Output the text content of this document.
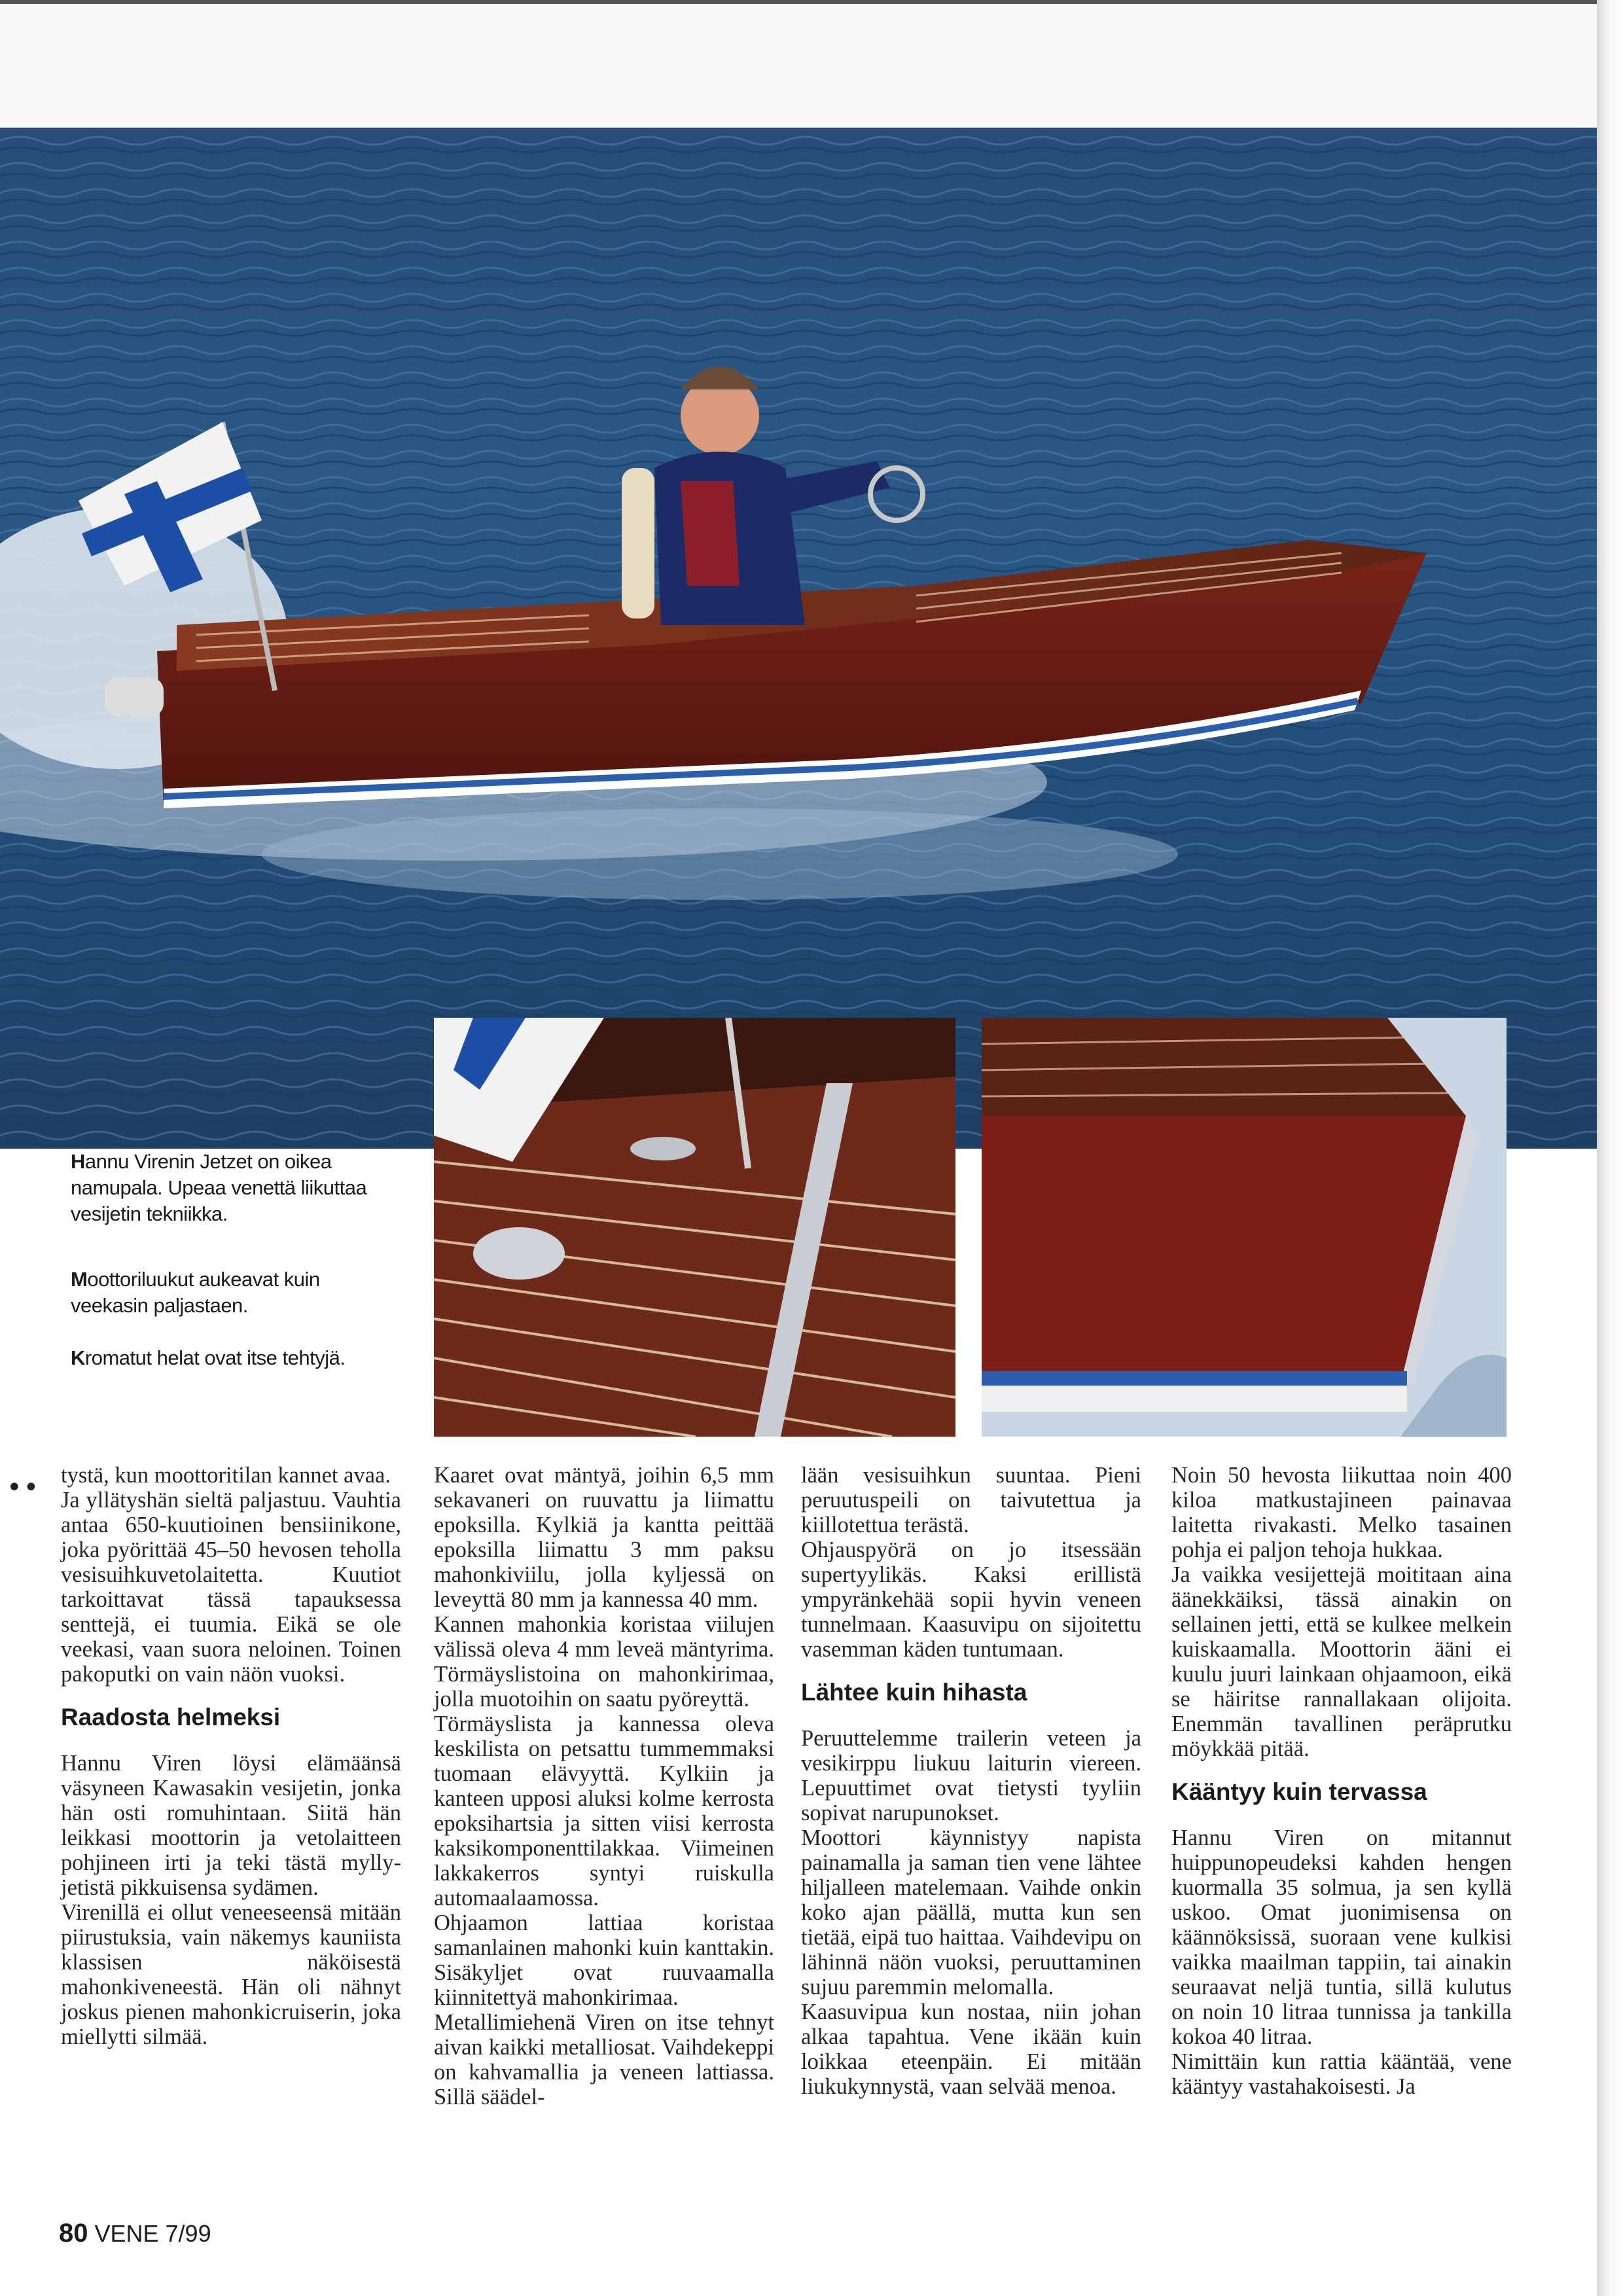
Hannu Virenin Jetzet on oikea namupala. Upeaa venettä liikuttaa vesijetin tekniikka.
Moottoriluukut aukeavat kuin veekasin paljastaen.
Kromatut helat ovat itse tehtyjä.
•• tystä, kun moottoritilan kannet avaa.

Ja yllätyshän sieltä paljastuu. Vauhtia antaa 650-kuutioinen bensiinikone, joka pyörittää 45–50 hevosen teholla vesisuihkuvetolaitetta. Kuutiot tarkoittavat tässä tapauksessa senttejä, ei tuumia. Eikä se ole veekasi, vaan suora neloinen. Toinen pakoputki on vain näön vuoksi.

Raadosta helmeksi

Hannu Viren löysi elämäänsä väsyneen Kawasakin vesijetin, jonka hän osti romuhintaan. Siitä hän leikkasi moottorin ja vetolaitteen pohjineen irti ja teki tästä mylly-jetistä pikkuisensa sydämen.

Virenillä ei ollut veneeseensä mitään piirustuksia, vain näkemys kauniista klassisen näköisestä mahonkiveneestä. Hän oli nähnyt joskus pienen mahonkicruiserin, joka miellytti silmää.

Kaaret ovat mäntyä, joihin 6,5 mm sekavaneri on ruuvattu ja liimattu epoksilla. Kylkiä ja kantta peittää epoksilla liimattu 3 mm paksu mahonkiviilu, jolla kyljessä on leveyttä 80 mm ja kannessa 40 mm.

Kannen mahonkia koristaa viilujen välissä oleva 4 mm leveä mäntyrima. Törmäyslistoina on mahonkirimaa, jolla muotoihin on saatu pyöreyttä.

Törmäyslista ja kannessa oleva keskilista on petsattu tummemmaksi tuomaan elävyyttä. Kylkiin ja kanteen upposi aluksi kolme kerrosta epoksihartsia ja sitten viisi kerrosta kaksikomponenttilakkaa. Viimeinen lakkakerros syntyi ruiskulla automaalaamossa.

Ohjaamon lattiaa koristaa samanlainen mahonki kuin kanttakin. Sisäkyljet ovat ruuvaamalla kiinnitettyä mahonkirimaa.

Metallimiehenä Viren on itse tehnyt aivan kaikki metalliosat. Vaihdekeppi on kahvamallia ja veneen lattiassa. Sillä säädel-

lään vesisuihkun suuntaa. Pieni peruutuspeili on taivutettua ja kiillotettua terästä.

Ohjauspyörä on jo itsessään supertyylikäs. Kaksi erillistä ympyränkehää sopii hyvin veneen tunnelmaan. Kaasuvipu on sijoitettu vasemman käden tuntumaan.

Lähtee kuin hihasta

Peruuttelemme trailerin veteen ja vesikirppu liukuu laiturin viereen. Lepuuttimet ovat tietysti tyyliin sopivat narupunokset.

Moottori käynnistyy napista painamalla ja saman tien vene lähtee hiljalleen matelemaan. Vaihde onkin koko ajan päällä, mutta kun sen tietää, eipä tuo haittaa. Vaihdevipu on lähinnä näön vuoksi, peruuttaminen sujuu paremmin melomalla.

Kaasuvipua kun nostaa, niin johan alkaa tapahtua. Vene ikään kuin loikkaa eteenpäin. Ei mitään liukukynnystä, vaan selvää menoa.

Noin 50 hevosta liikuttaa noin 400 kiloa matkustajineen painavaa laitetta rivakasti. Melko tasainen pohja ei paljon tehoja hukkaa.

Ja vaikka vesijettejä moititaan aina äänekkäiksi, tässä ainakin on sellainen jetti, että se kulkee melkein kuiskaamalla. Moottorin ääni ei kuulu juuri lainkaan ohjaamoon, eikä se häiritse rannallakaan olijoita. Enemmän tavallinen peräprutku möykkää pitää.

Kääntyy kuin tervassa

Hannu Viren on mitannut huippunopeudeksi kahden hengen kuormalla 35 solmua, ja sen kyllä uskoo. Omat juonimisensa on käännöksissä, suoraan vene kulkisi vaikka maailman tappiin, tai ainakin seuraavat neljä tuntia, sillä kulutus on noin 10 litraa tunnissa ja tankilla kokoa 40 litraa.

Nimittäin kun rattia kääntää, vene kääntyy vastahakoisesti. Ja

80 VENE 7/99
